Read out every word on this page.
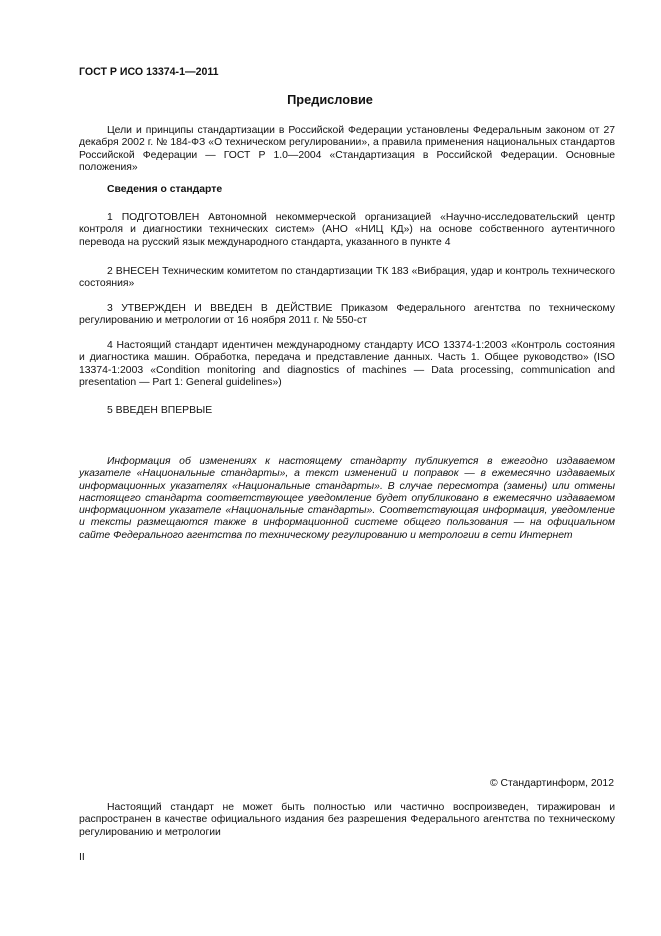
ГОСТ Р ИСО 13374-1—2011
Предисловие

Цели и принципы стандартизации в Российской Федерации установлены Федеральным законом от 27 декабря 2002 г. № 184-ФЗ «О техническом регулировании», а правила применения национальных стандартов Российской Федерации — ГОСТ Р 1.0—2004 «Стандартизация в Российской Федерации. Основные положения»

Сведения о стандарте

1 ПОДГОТОВЛЕН Автономной некоммерческой организацией «Научно-исследовательский центр контроля и диагностики технических систем» (АНО «НИЦ КД») на основе собственного аутентичного перевода на русский язык международного стандарта, указанного в пункте 4

2 ВНЕСЕН Техническим комитетом по стандартизации ТК 183 «Вибрация, удар и контроль технического состояния»

3 УТВЕРЖДЕН И ВВЕДЕН В ДЕЙСТВИЕ Приказом Федерального агентства по техническому регулированию и метрологии от 16 ноября 2011 г. № 550-ст

4 Настоящий стандарт идентичен международному стандарту ИСО 13374-1:2003 «Контроль состояния и диагностика машин. Обработка, передача и представление данных. Часть 1. Общее руководство» (ISO 13374-1:2003 «Condition monitoring and diagnostics of machines — Data processing, communication and presentation — Part 1: General guidelines»)

5 ВВЕДЕН ВПЕРВЫЕ

Информация об изменениях к настоящему стандарту публикуется в ежегодно издаваемом указателе «Национальные стандарты», а текст изменений и поправок — в ежемесячно издаваемых информационных указателях «Национальные стандарты». В случае пересмотра (замены) или отмены настоящего стандарта соответствующее уведомление будет опубликовано в ежемесячно издаваемом информационном указателе «Национальные стандарты». Соответствующая информация, уведомление и тексты размещаются также в информационной системе общего пользования — на официальном сайте Федерального агентства по техническому регулированию и метрологии в сети Интернет

© Стандартинформ, 2012

Настоящий стандарт не может быть полностью или частично воспроизведен, тиражирован и распространен в качестве официального издания без разрешения Федерального агентства по техническому регулированию и метрологии

II
